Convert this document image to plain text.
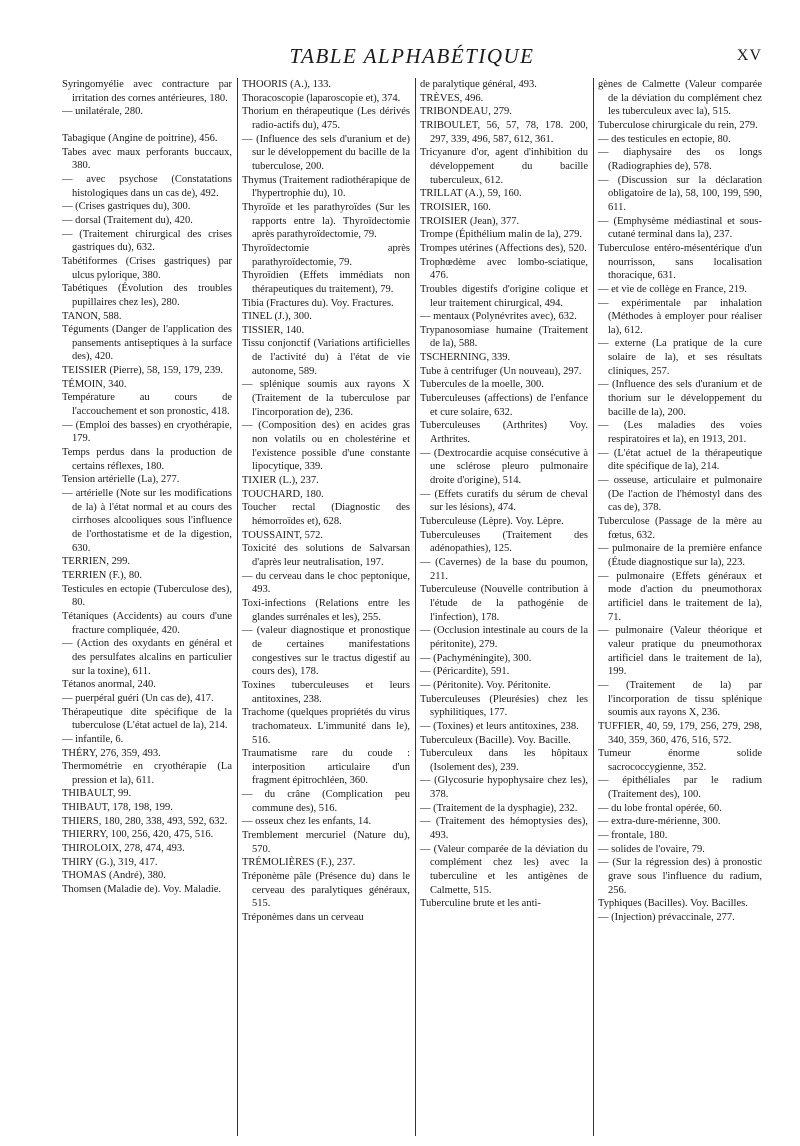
TABLE ALPHABÉTIQUE	XV
Syringomyélie avec contracture par irritation des cornes antérieures, 180.
— unilatérale, 280.
Tabagique (Angine de poitrine), 456.
Tabes avec maux perforants buccaux, 380.
— avec psychose (Constatations histologiques dans un cas de), 492.
— (Crises gastriques du), 300.
— dorsal (Traitement du), 420.
— (Traitement chirurgical des crises gastriques du), 632.
Tabétiformes (Crises gastriques) par ulcus pylorique, 380.
Tabétiques (Évolution des troubles pupillaires chez les), 280.
TANON, 588.
Téguments (Danger de l'application des pansements antiseptiques à la surface des), 420.
TEISSIER (Pierre), 58, 159, 179, 239.
TÉMOIN, 340.
Température au cours de l'accouchement et son pronostic, 418.
— (Emploi des basses) en cryothérapie, 179.
Temps perdus dans la production de certains réflexes, 180.
Tension artérielle (La), 277.
— artérielle (Note sur les modifications de la) à l'état normal et au cours des cirrhoses alcooliques sous l'influence de l'orthostatisme et de la digestion, 630.
TERRIEN, 299.
TERRIEN (F.), 80.
Testicules en ectopie (Tuberculose des), 80.
Tétaniques (Accidents) au cours d'une fracture compliquée, 420.
— (Action des oxydants en général et des persulfates alcalins en particulier sur la toxine), 611.
Tétanos anormal, 240.
— puerpéral guéri (Un cas de), 417.
Thérapeutique dite spécifique de la tuberculose (L'état actuel de la), 214.
— infantile, 6.
THÉRY, 276, 359, 493.
Thermométrie en cryothérapie (La pression et la), 611.
THIBAULT, 99.
THIBAUT, 178, 198, 199.
THIERS, 180, 280, 338, 493, 592, 632.
THIERRY, 100, 256, 420, 475, 516.
THIROLOIX, 278, 474, 493.
THIRY (G.), 319, 417.
THOMAS (André), 380.
Thomsen (Maladie de). Voy. Maladie.
THOORIS (A.), 133.
Thoracoscopie (laparoscopie et), 374.
Thorium en thérapeutique (Les dérivés radio-actifs du), 475.
— (Influence des sels d'uranium et de) sur le développement du bacille de la tuberculose, 200.
Thymus (Traitement radiothérapique de l'hypertrophie du), 10.
Thyroïde et les parathyroïdes (Sur les rapports entre la). Thyroïdectomie après parathyroïdectomie, 79.
Thyroïdectomie après parathyroïdectomie, 79.
Thyroïdien (Effets immédiats non thérapeutiques du traitement), 79.
Tibia (Fractures du). Voy. Fractures.
TINEL (J.), 300.
TISSIER, 140.
Tissu conjonctif (Variations artificielles de l'activité du) à l'état de vie autonome, 589.
— splénique soumis aux rayons X (Traitement de la tuberculose par l'incorporation de), 236.
— (Composition des) en acides gras non volatils ou en cholestérine et l'existence possible d'une constante lipocytique, 339.
TIXIER (L.), 237.
TOUCHARD, 180.
Toucher rectal (Diagnostic des hémorroïdes et), 628.
TOUSSAINT, 572.
Toxicité des solutions de Salvarsan d'après leur neutralisation, 197.
— du cerveau dans le choc peptonique, 493.
Toxi-infections (Relations entre les glandes surrénales et les), 255.
— (valeur diagnostique et pronostique de certaines manifestations congestives sur le tractus digestif au cours des), 178.
Toxines tuberculeuses et leurs antitoxines, 238.
Trachome (quelques propriétés du virus trachomateux. L'immunité dans le), 516.
Traumatisme rare du coude : interposition articulaire d'un fragment épitrochléen, 360.
— du crâne (Complication peu commune des), 516.
— osseux chez les enfants, 14.
Tremblement mercuriel (Nature du), 570.
TRÉMOLIÈRES (F.), 237.
Tréponème pâle (Présence du) dans le cerveau des paralytiques généraux, 515.
Tréponèmes dans un cerveau
de paralytique général, 493.
TRÈVES, 496.
TRIBONDEAU, 279.
TRIBOULET, 56, 57, 78, 178. 200, 297, 339, 496, 587, 612, 361.
Tricyanure d'or, agent d'inhibition du développement du bacille tuberculeux, 612.
TRILLAT (A.), 59, 160.
TROISIER, 160.
TROISIER (Jean), 377.
Trompe (Épithélium malin de la), 279.
Trompes utérines (Affections des), 520.
Trophœdème avec lombo-sciatique, 476.
Troubles digestifs d'origine colique et leur traitement chirurgical, 494.
— mentaux (Polynévrites avec), 632.
Trypanosomiase humaine (Traitement de la), 588.
TSCHERNING, 339.
Tube à centrifuger (Un nouveau), 297.
Tubercules de la moelle, 300.
Tuberculeuses (affections) de l'enfance et cure solaire, 632.
Tuberculeuses (Arthrites) Voy. Arthrites.
— (Dextrocardie acquise consécutive à une sclérose pleuro pulmonaire droite d'origine), 514.
— (Effets curatifs du sérum de cheval sur les lésions), 474.
Tuberculeuse (Lèpre). Voy. Lèpre.
Tuberculeuses (Traitement des adénopathies), 125.
— (Cavernes) de la base du poumon, 211.
Tuberculeuse (Nouvelle contribution à l'étude de la pathogénie de l'infection), 178.
— (Occlusion intestinale au cours de la péritonite), 279.
— (Pachyméningite), 300.
— (Péricardite), 591.
— (Péritonite). Voy. Péritonite.
Tuberculeuses (Pleurésies) chez les syphilitiques, 177.
— (Toxines) et leurs antitoxines, 238.
Tuberculeux (Bacille). Voy. Bacille.
Tuberculeux dans les hôpitaux (Isolement des), 239.
— (Glycosurie hypophysaire chez les), 378.
— (Traitement de la dysphagie), 232.
— (Traitement des hémoptysies des), 493.
— (Valeur comparée de la déviation du complément chez les) avec la tuberculine et les antigènes de Calmette, 515.
Tuberculine brute et les anti-
gènes de Calmette (Valeur comparée de la déviation du complément chez les tuberculeux avec la), 515.
Tuberculose chirurgicale du rein, 279.
— des testicules en ectopie, 80.
— diaphysaire des os longs (Radiographies de), 578.
— (Discussion sur la déclaration obligatoire de la), 58, 100, 199, 590, 611.
— (Emphysème médiastinal et sous-cutané terminal dans la), 237.
Tuberculose entéro-mésentérique d'un nourrisson, sans localisation thoracique, 631.
— et vie de collège en France, 219.
— expérimentale par inhalation (Méthodes à employer pour réaliser la), 612.
— externe (La pratique de la cure solaire de la), et ses résultats cliniques, 257.
— (Influence des sels d'uranium et de thorium sur le développement du bacille de la), 200.
— (Les maladies des voies respiratoires et la), en 1913, 201.
— (L'état actuel de la thérapeutique dite spécifique de la), 214.
— osseuse, articulaire et pulmonaire (De l'action de l'hémostyl dans des cas de), 378.
Tuberculose (Passage de la mère au fœtus, 632.
— pulmonaire de la première enfance (Étude diagnostique sur la), 223.
— pulmonaire (Effets généraux et mode d'action du pneumothorax artificiel dans le traitement de la), 71.
— pulmonaire (Valeur théorique et valeur pratique du pneumothorax artificiel dans le traitement de la), 199.
— (Traitement de la) par l'incorporation de tissu splénique soumis aux rayons X, 236.
TUFFIER, 40, 59, 179, 256, 279, 298, 340, 359, 360, 476, 516, 572.
Tumeur énorme solide sacrococcygienne, 352.
— épithéliales par le radium (Traitement des), 100.
— du lobe frontal opérée, 60.
— extra-dure-mérienne, 300.
— frontale, 180.
— solides de l'ovaire, 79.
— (Sur la régression des) à pronostic grave sous l'influence du radium, 256.
Typhiques (Bacilles). Voy. Bacilles.
— (Injection) prévaccinale, 277.
